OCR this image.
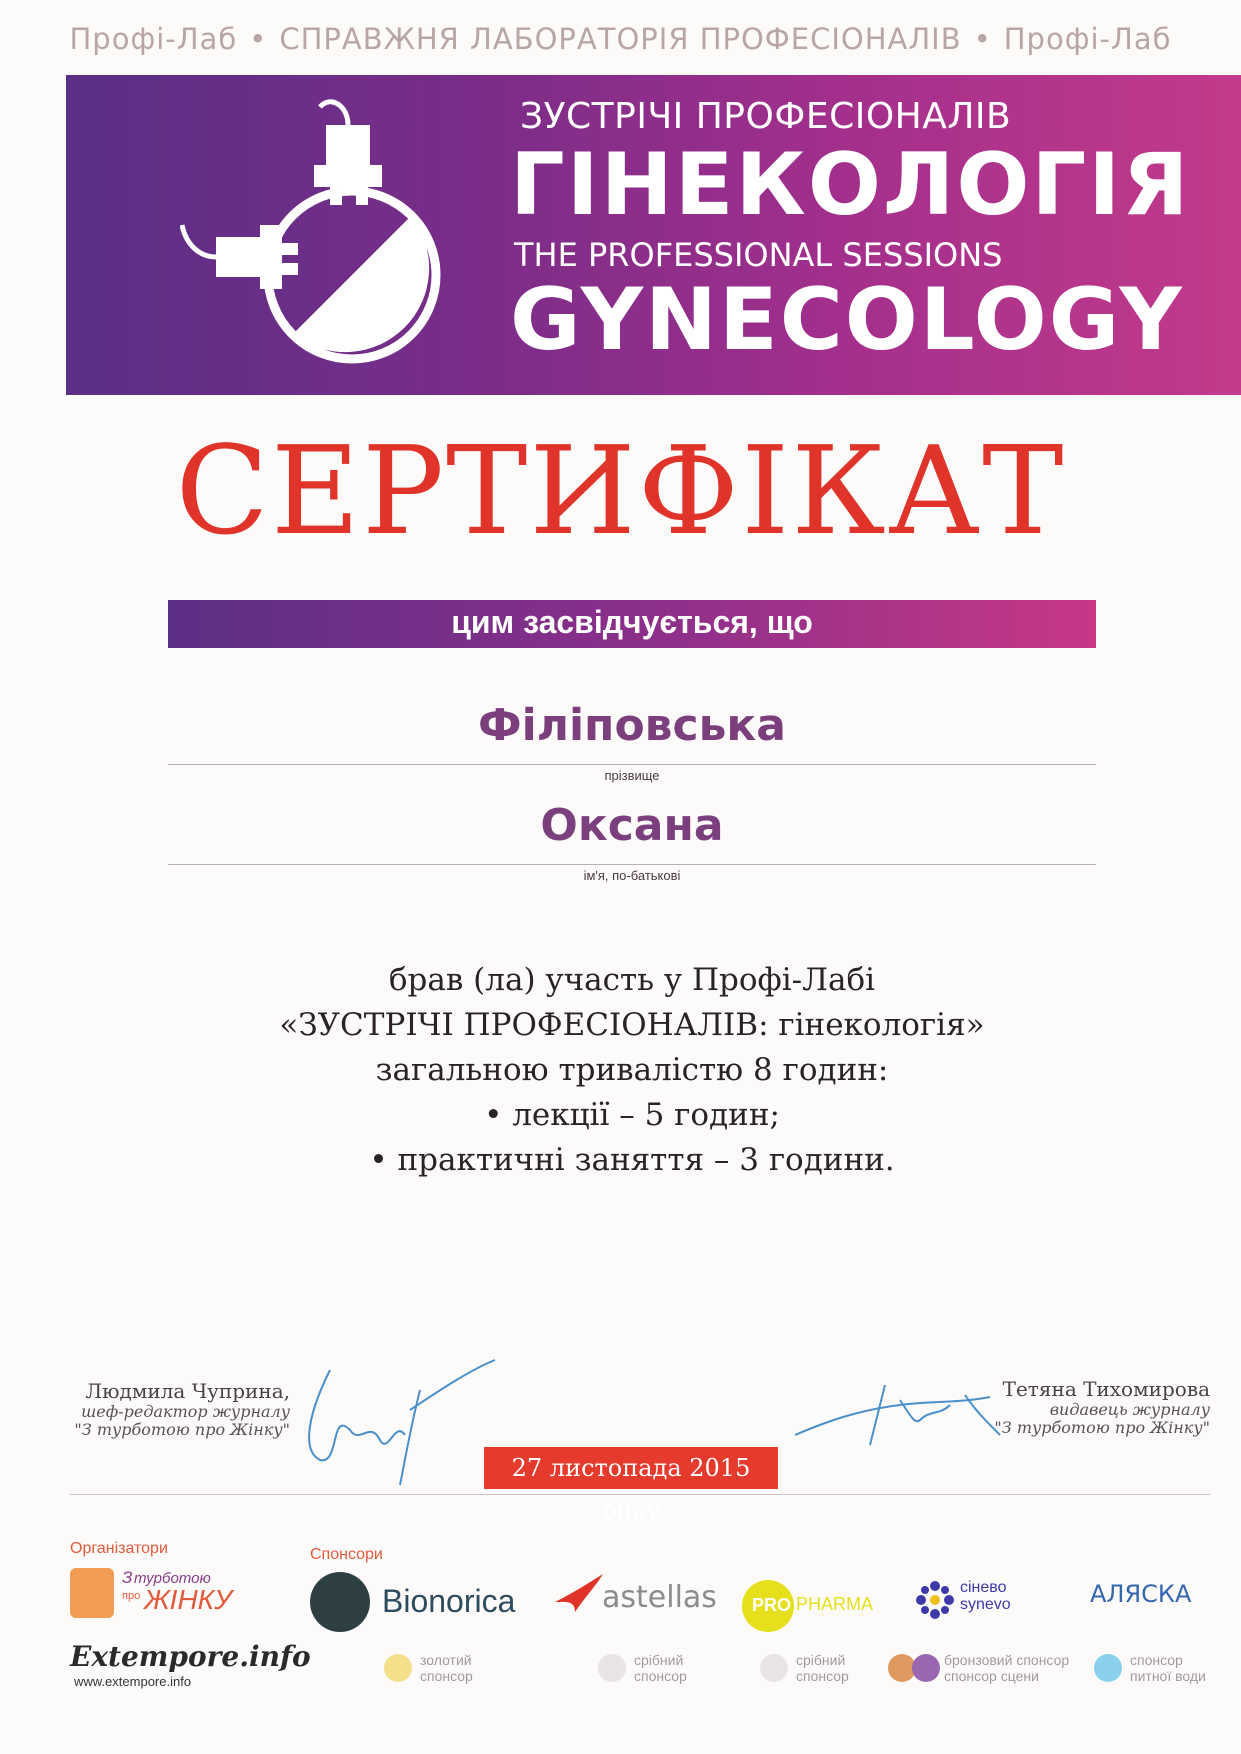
Профі-Лаб • СПРАВЖНЯ ЛАБОРАТОРІЯ ПРОФЕСІОНАЛІВ • Профі-Лаб
ЗУСТРІЧІ ПРОФЕСІОНАЛІВ
ГІНЕКОЛОГІЯ
THE PROFESSIONAL SESSIONS
GYNECOLOGY
СЕРТИФІКАТ
цим засвідчується, що
Філіповська
прізвище
Оксана
ім'я, по-батькові
брав (ла) участь у Профі-Лабі
«ЗУСТРІЧІ ПРОФЕСІОНАЛІВ: гінекологія»
загальною тривалістю 8 годин:
• лекції – 5 годин;
• практичні заняття – 3 години.
Людмила Чуприна,
шеф-редактор журналу
"З турботою про Жінку"
Тетяна Тихомирова
видавець журналу
"З турботою про Жінку"
27 листопада 2015 року
Організатори
З турботою
про ЖІНКУ
Extempore.info
www.extempore.info
Спонсори
Bionorica	astellas PRO PHARMA
сінево
synevo	АЛЯСКА
золотий
спонсор
срібний
спонсор
срібний
спонсор
бронзовий спонсор
спонсор сцени
спонсор
питної води
